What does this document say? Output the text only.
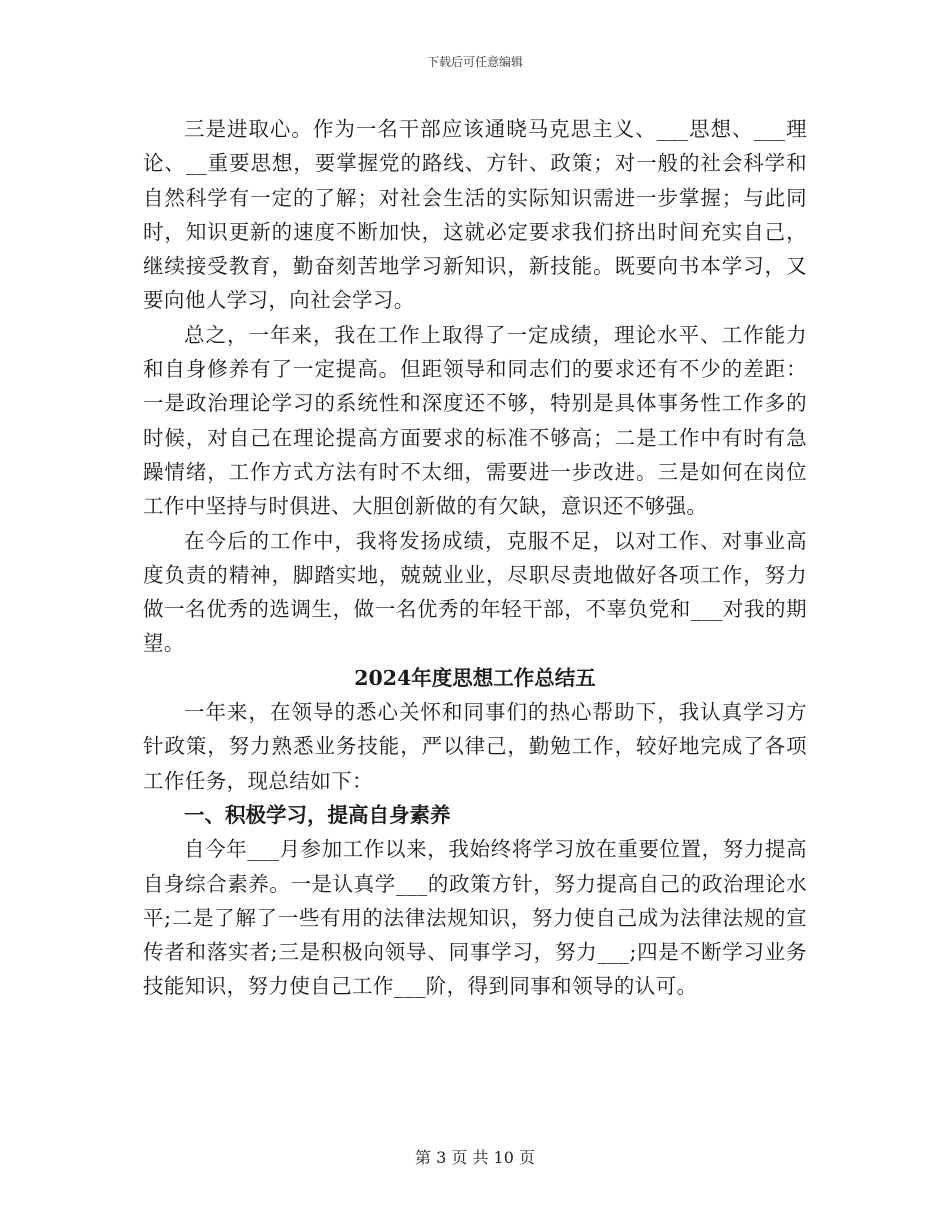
下载后可任意编辑

三是进取心。作为一名干部应该通晓马克思主义、___思想、___理论、__重要思想，要掌握党的路线、方针、政策；对一般的社会科学和自然科学有一定的了解；对社会生活的实际知识需进一步掌握；与此同时，知识更新的速度不断加快，这就必定要求我们挤出时间充实自己，继续接受教育，勤奋刻苦地学习新知识，新技能。既要向书本学习，又要向他人学习，向社会学习。

总之，一年来，我在工作上取得了一定成绩，理论水平、工作能力和自身修养有了一定提高。但距领导和同志们的要求还有不少的差距：一是政治理论学习的系统性和深度还不够，特别是具体事务性工作多的时候，对自己在理论提高方面要求的标准不够高；二是工作中有时有急躁情绪，工作方式方法有时不太细，需要进一步改进。三是如何在岗位工作中坚持与时俱进、大胆创新做的有欠缺，意识还不够强。

在今后的工作中，我将发扬成绩，克服不足，以对工作、对事业高度负责的精神，脚踏实地，兢兢业业，尽职尽责地做好各项工作，努力做一名优秀的选调生，做一名优秀的年轻干部，不辜负党和___对我的期望。

2024年度思想工作总结五

一年来，在领导的悉心关怀和同事们的热心帮助下，我认真学习方针政策，努力熟悉业务技能，严以律己，勤勉工作，较好地完成了各项工作任务，现总结如下：

一、积极学习，提高自身素养

自今年___月参加工作以来，我始终将学习放在重要位置，努力提高自身综合素养。一是认真学___的政策方针，努力提高自己的政治理论水平;二是了解了一些有用的法律法规知识，努力使自己成为法律法规的宣传者和落实者;三是积极向领导、同事学习，努力___;四是不断学习业务技能知识，努力使自己工作___阶，得到同事和领导的认可。

第 3 页 共 10 页
